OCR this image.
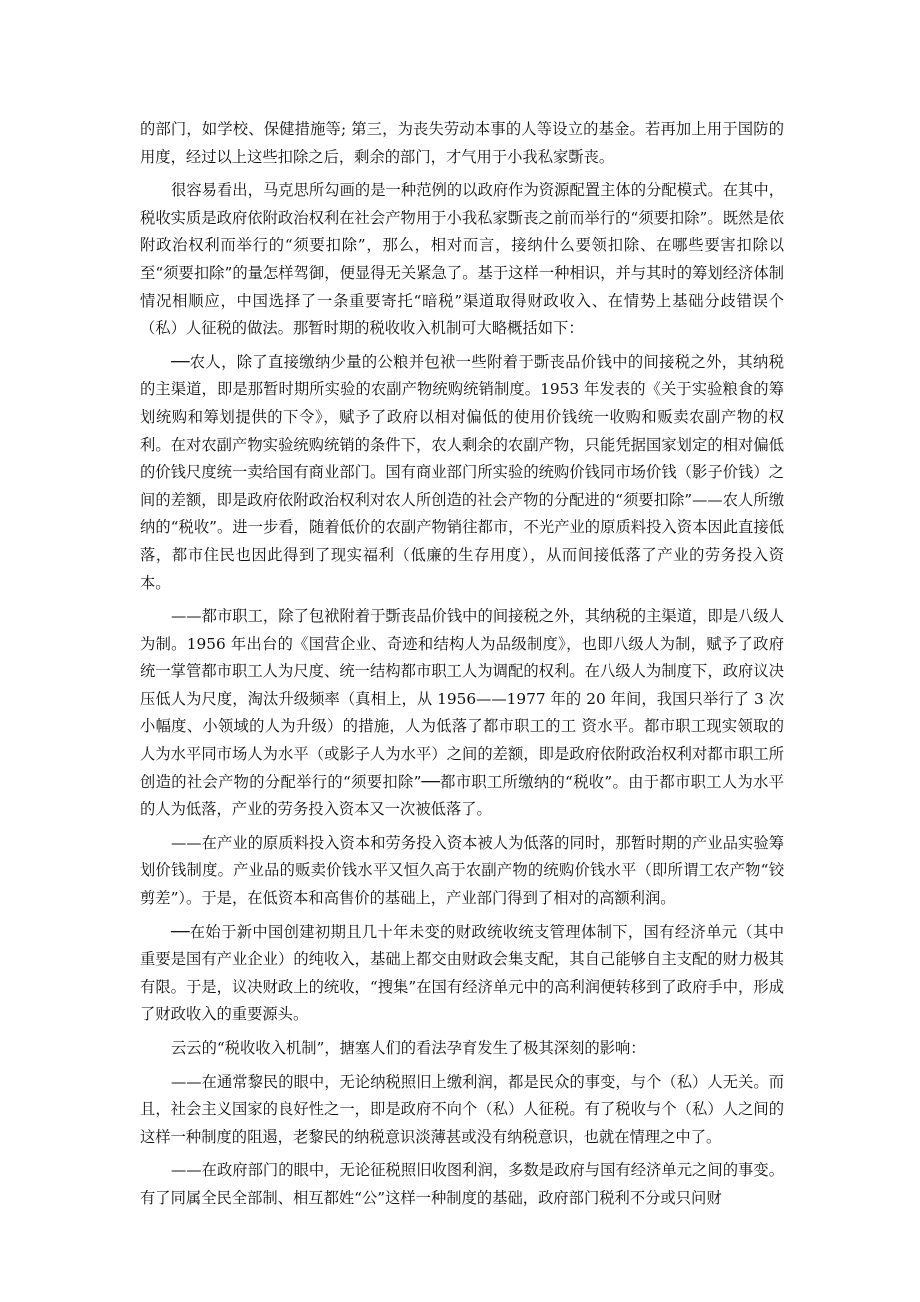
的部门，如学校、保健措施等; 第三，为丧失劳动本事的人等设立的基金。若再加上用于国防的用度，经过以上这些扣除之后，剩余的部门，才气用于小我私家斲丧。

很容易看出，马克思所勾画的是一种范例的以政府作为资源配置主体的分配模式。在其中，税收实质是政府依附政治权利在社会产物用于小我私家斲丧之前而举行的“须要扣除”。既然是依附政治权利而举行的“须要扣除”，那么，相对而言，接纳什么要领扣除、在哪些要害扣除以至“须要扣除”的量怎样驾御，便显得无关紧急了。基于这样一种相识，并与其时的筹划经济体制情况相顺应，中国选择了一条重要寄托“暗税”渠道取得财政收入、在情势上基础分歧错误个（私）人征税的做法。那暂时期的税收收入机制可大略概括如下：

──农人，除了直接缴纳少量的公粮并包袱一些附着于斲丧品价钱中的间接税之外，其纳税的主渠道，即是那暂时期所实验的农副产物统购统销制度。1953 年发表的《关于实验粮食的筹划统购和筹划提供的下令》，赋予了政府以相对偏低的使用价钱统一收购和贩卖农副产物的权利。在对农副产物实验统购统销的条件下，农人剩余的农副产物，只能凭据国家划定的相对偏低的价钱尺度统一卖给国有商业部门。国有商业部门所实验的统购价钱同市场价钱（影子价钱）之间的差额，即是政府依附政治权利对农人所创造的社会产物的分配进的“须要扣除”——农人所缴纳的“税收”。进一步看，随着低价的农副产物销往都市，不光产业的原质料投入资本因此直接低落，都市住民也因此得到了现实福利（低廉的生存用度），从而间接低落了产业的劳务投入资本。

——都市职工，除了包袱附着于斲丧品价钱中的间接税之外，其纳税的主渠道，即是八级人为制。1956 年出台的《国营企业、奇迹和结构人为品级制度》，也即八级人为制，赋予了政府统一掌管都市职工人为尺度、统一结构都市职工人为调配的权利。在八级人为制度下，政府议决压低人为尺度，淘汰升级频率（真相上，从 1956——1977 年的 20 年间，我国只举行了 3 次小幅度、小领域的人为升级）的措施，人为低落了都市职工的工 资水平。都市职工现实领取的人为水平同市场人为水平（或影子人为水平）之间的差额，即是政府依附政治权利对都市职工所创造的社会产物的分配举行的“须要扣除”──都市职工所缴纳的“税收”。由于都市职工人为水平的人为低落，产业的劳务投入资本又一次被低落了。

——在产业的原质料投入资本和劳务投入资本被人为低落的同时，那暂时期的产业品实验筹划价钱制度。产业品的贩卖价钱水平又恒久高于农副产物的统购价钱水平（即所谓工农产物“铰剪差”）。于是，在低资本和高售价的基础上，产业部门得到了相对的高额利润。

──在始于新中国创建初期且几十年未变的财政统收统支管理体制下，国有经济单元（其中重要是国有产业企业）的纯收入，基础上都交由财政会集支配，其自己能够自主支配的财力极其有限。于是，议决财政上的统收，“搜集”在国有经济单元中的高利润便转移到了政府手中，形成了财政收入的重要源头。

云云的“税收收入机制”，搪塞人们的看法孕育发生了极其深刻的影响：

——在通常黎民的眼中，无论纳税照旧上缴利润，都是民众的事变，与个（私）人无关。而且，社会主义国家的良好性之一，即是政府不向个（私）人征税。有了税收与个（私）人之间的这样一种制度的阻遏，老黎民的纳税意识淡薄甚或没有纳税意识，也就在情理之中了。

——在政府部门的眼中，无论征税照旧收图利润，多数是政府与国有经济单元之间的事变。有了同属全民全部制、相互都姓“公”这样一种制度的基础，政府部门税利不分或只问财
